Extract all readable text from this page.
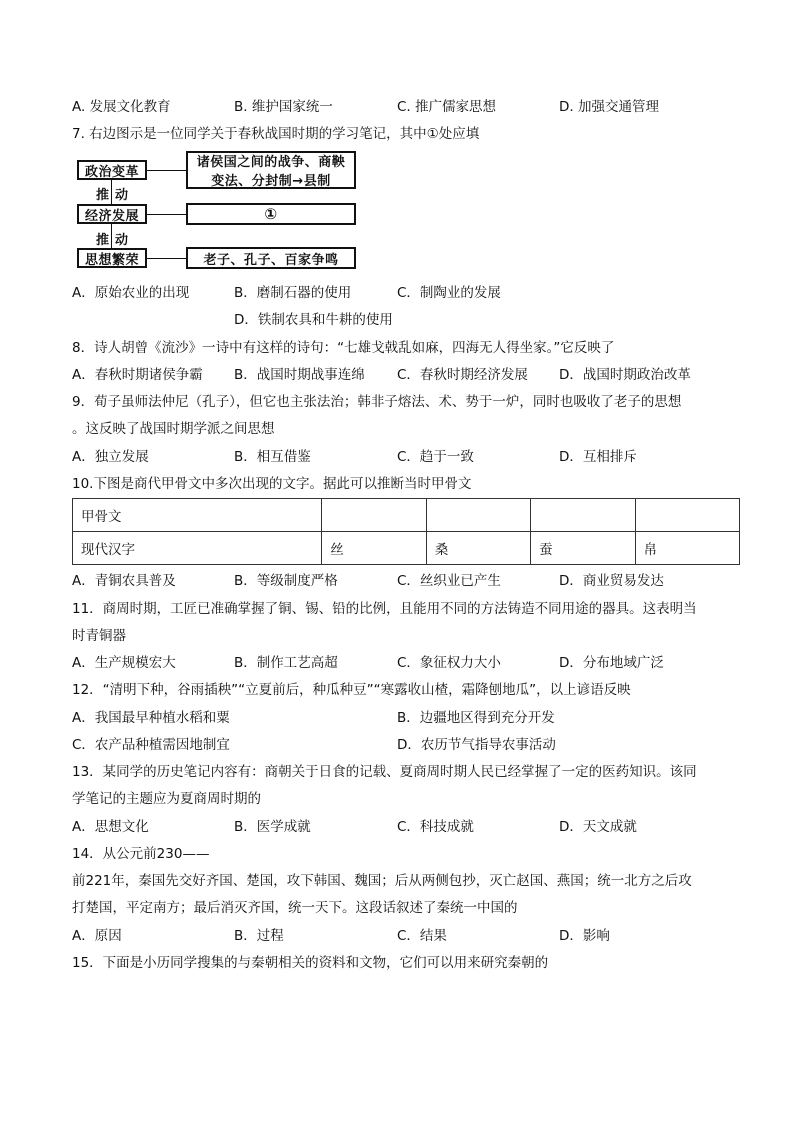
A. 发展文化教育	B. 维护国家统一	C. 推广儒家思想	D. 加强交通管理
7. 右边图示是一位同学关于春秋战国时期的学习笔记，其中①处应填
政治变革
推动
经济发展
推动
思想繁荣
诸侯国之间的战争、商鞅
变法、分封制→县制
①
老子、孔子、百家争鸣
A．原始农业的出现	B．磨制石器的使用	C．制陶业的发展
D．铁制农具和牛耕的使用
8．诗人胡曾《流沙》一诗中有这样的诗句：“七雄戈戟乱如麻，四海无人得坐家。”它反映了
A．春秋时期诸侯争霸 B．战国时期战事连绵 C．春秋时期经济发展 D．战国时期政治改革
9．荀子虽师法仲尼（孔子），但它也主张法治；韩非子熔法、术、势于一炉，同时也吸收了老子的思想
。这反映了战国时期学派之间思想
A．独立发展	B．相互借鉴	C．趋于一致	D．互相排斥
10.下图是商代甲骨文中多次出现的文字。据此可以推断当时甲骨文
甲骨文				
现代汉字	丝	桑	蚕	帛
A．青铜农具普及	B．等级制度严格	C．丝织业已产生	D．商业贸易发达
11．商周时期，工匠已准确掌握了铜、锡、铅的比例，且能用不同的方法铸造不同用途的器具。这表明当
时青铜器
A．生产规模宏大	B．制作工艺高超	C．象征权力大小	D．分布地域广泛
12．“清明下种，谷雨插秧”“立夏前后，种瓜种豆”“寒露收山楂，霜降刨地瓜”，以上谚语反映
A．我国最早种植水稻和粟	B．边疆地区得到充分开发
C．农产品种植需因地制宜	D．农历节气指导农事活动
13．某同学的历史笔记内容有：商朝关于日食的记载、夏商周时期人民已经掌握了一定的医药知识。该同
学笔记的主题应为夏商周时期的
A．思想文化	B．医学成就	C．科技成就	D．天文成就
14．从公元前230——
前221年，秦国先交好齐国、楚国，攻下韩国、魏国；后从两侧包抄，灭亡赵国、燕国；统一北方之后攻
打楚国，平定南方；最后消灭齐国，统一天下。这段话叙述了秦统一中国的
A．原因	B．过程	C．结果	D．影响
15．下面是小历同学搜集的与秦朝相关的资料和文物，它们可以用来研究秦朝的
